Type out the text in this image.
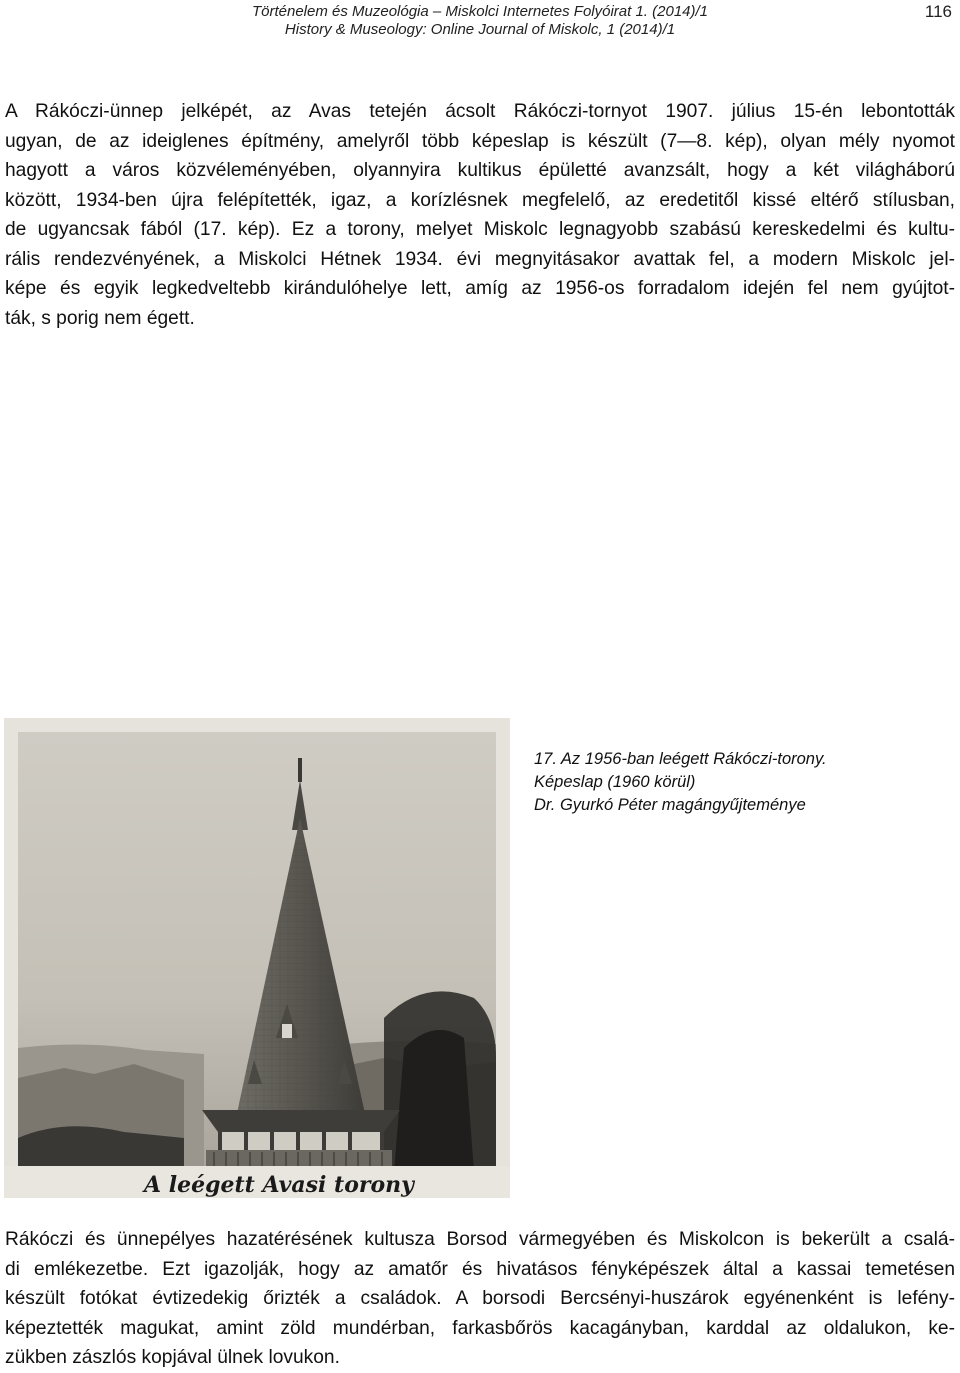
Történelem és Muzeológia – Miskolci Internetes Folyóirat 1. (2014)/1
History & Museology: Online Journal of Miskolc, 1 (2014)/1
116
A Rákóczi-ünnep jelképét, az Avas tetején ácsolt Rákóczi-tornyot 1907. július 15-én lebontották
ugyan, de az ideiglenes építmény, amelyről több képeslap is készült (7—8. kép), olyan mély nyomot
hagyott a város közvéleményében, olyannyira kultikus épületté avanzsált, hogy a két világháború
között, 1934-ben újra felépítették, igaz, a korízlésnek megfelelő, az eredetitől kissé eltérő stílusban,
de ugyancsak fából (17. kép). Ez a torony, melyet Miskolc legnagyobb szabású kereskedelmi és kultu-
rális rendezvényének, a Miskolci Hétnek 1934. évi megnyitásakor avattak fel, a modern Miskolc jel-
képe és egyik legkedveltebb kirándulóhelye lett, amíg az 1956-os forradalom idején fel nem gyújtot-
ták, s porig nem égett.
A leégett Avasi torony
17. Az 1956-ban leégett Rákóczi-torony.
Képeslap (1960 körül)
Dr. Gyurkó Péter magángyűjteménye
Rákóczi és ünnepélyes hazatérésének kultusza Borsod vármegyében és Miskolcon is bekerült a csalá-
di emlékezetbe. Ezt igazolják, hogy az amatőr és hivatásos fényképészek által a kassai temetésen
készült fotókat évtizedekig őrizték a családok. A borsodi Bercsényi-huszárok egyénenként is lefény-
képeztették magukat, amint zöld mundérban, farkasbőrös kacagányban, karddal az oldalukon, ke-
zükben zászlós kopjával ülnek lovukon.
